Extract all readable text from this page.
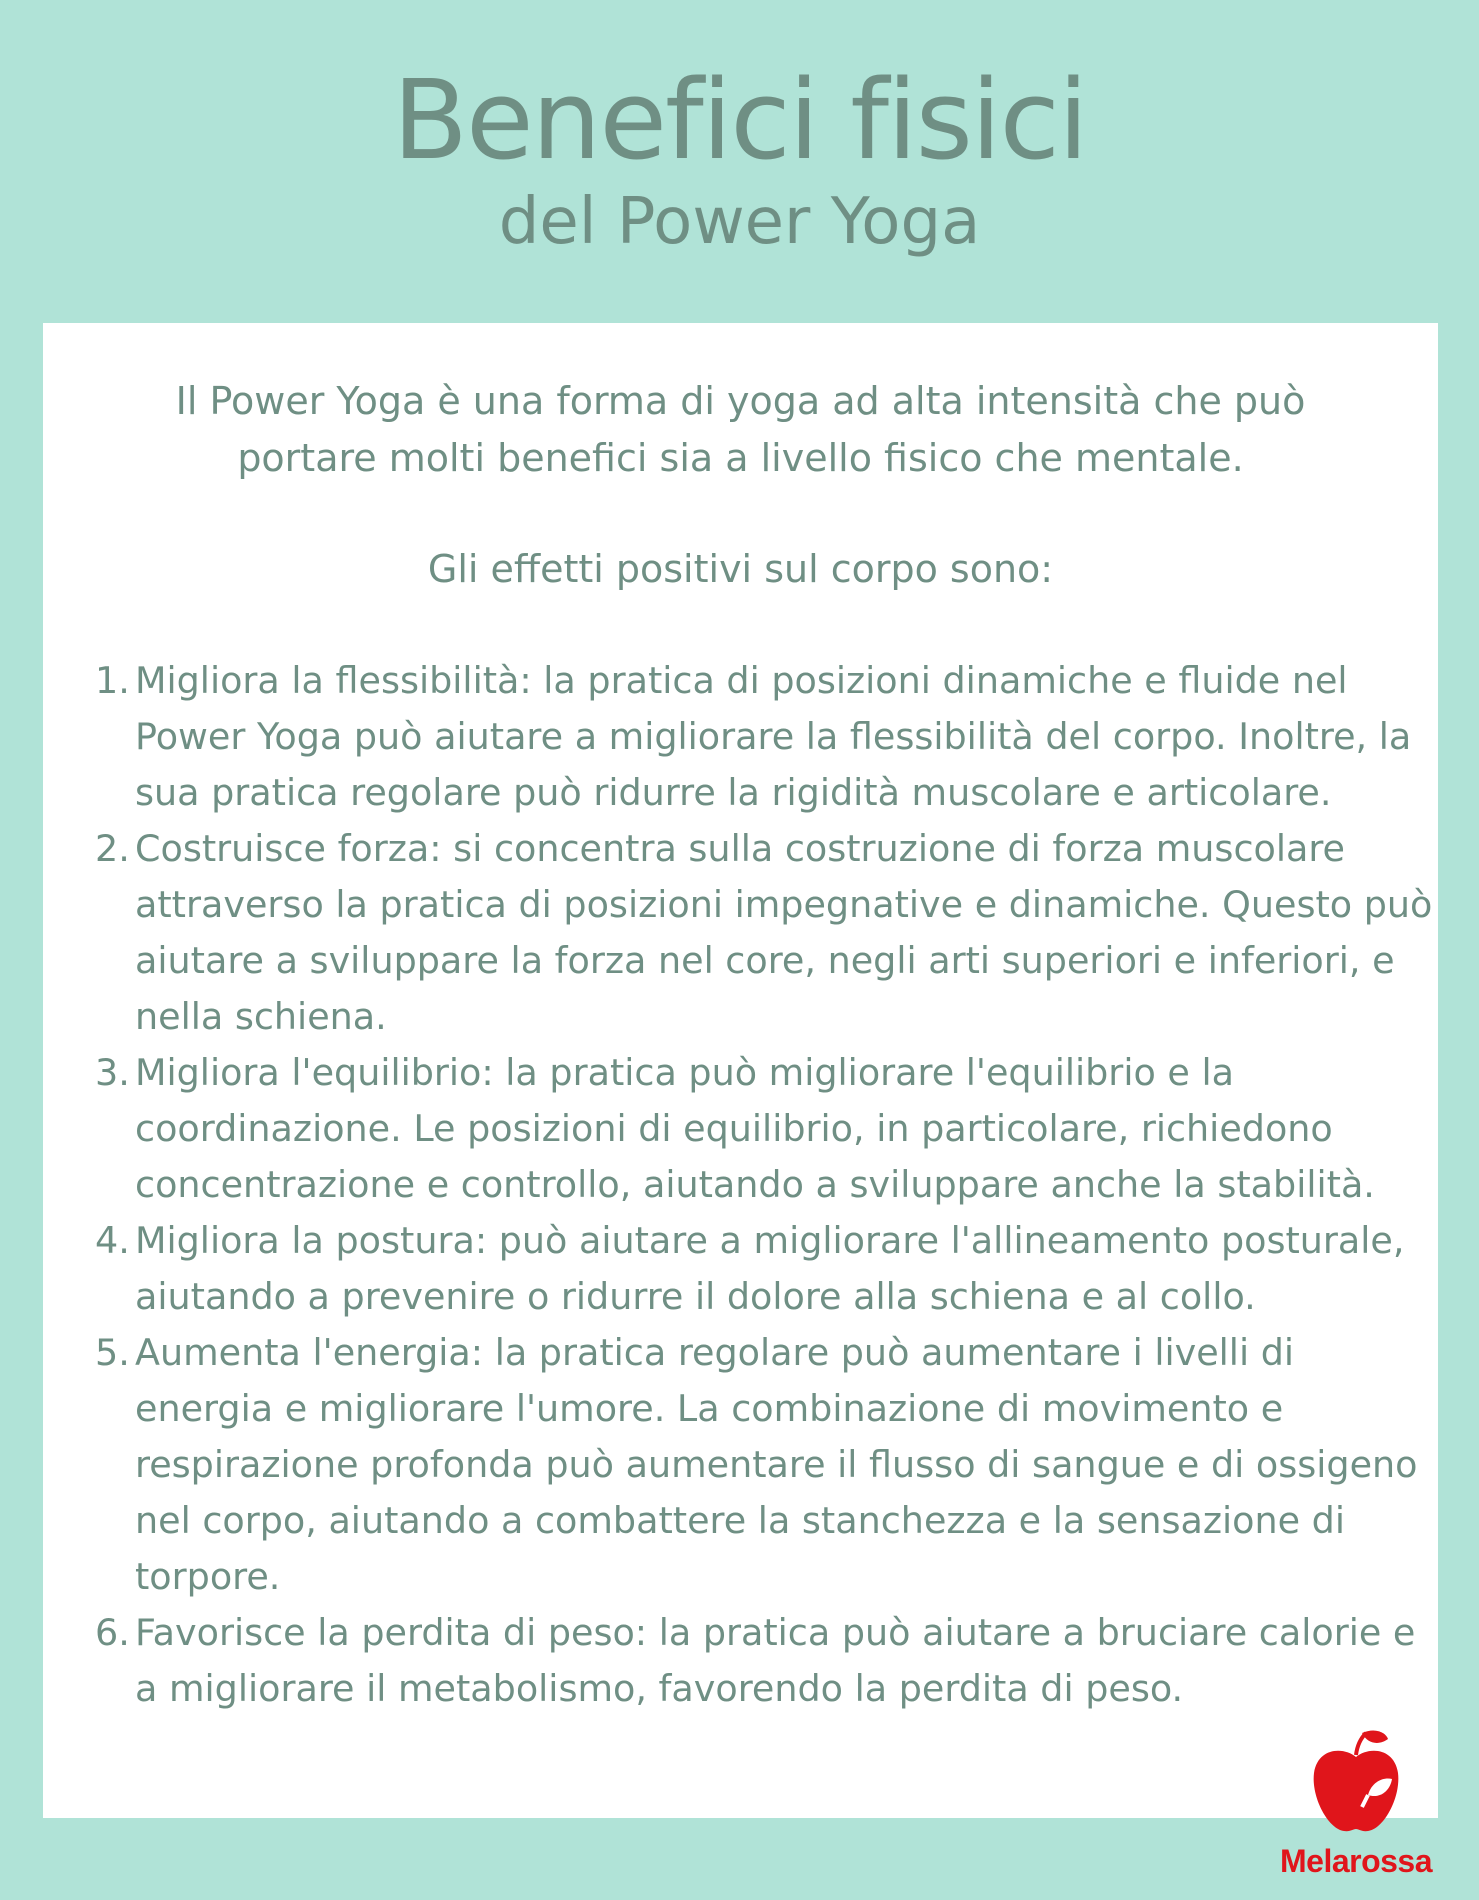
Benefici fisici
del Power Yoga

Il Power Yoga è una forma di yoga ad alta intensità che può portare molti benefici sia a livello fisico che mentale.

Gli effetti positivi sul corpo sono:

1. Migliora la flessibilità: la pratica di posizioni dinamiche e fluide nel Power Yoga può aiutare a migliorare la flessibilità del corpo. Inoltre, la sua pratica regolare può ridurre la rigidità muscolare e articolare.
2. Costruisce forza: si concentra sulla costruzione di forza muscolare attraverso la pratica di posizioni impegnative e dinamiche. Questo può aiutare a sviluppare la forza nel core, negli arti superiori e inferiori, e nella schiena.
3. Migliora l'equilibrio: la pratica può migliorare l'equilibrio e la coordinazione. Le posizioni di equilibrio, in particolare, richiedono concentrazione e controllo, aiutando a sviluppare anche la stabilità.
4. Migliora la postura: può aiutare a migliorare l'allineamento posturale, aiutando a prevenire o ridurre il dolore alla schiena e al collo.
5. Aumenta l'energia: la pratica regolare può aumentare i livelli di energia e migliorare l'umore. La combinazione di movimento e respirazione profonda può aumentare il flusso di sangue e di ossigeno nel corpo, aiutando a combattere la stanchezza e la sensazione di torpore.
6. Favorisce la perdita di peso: la pratica può aiutare a bruciare calorie e a migliorare il metabolismo, favorendo la perdita di peso.
Melarossa
